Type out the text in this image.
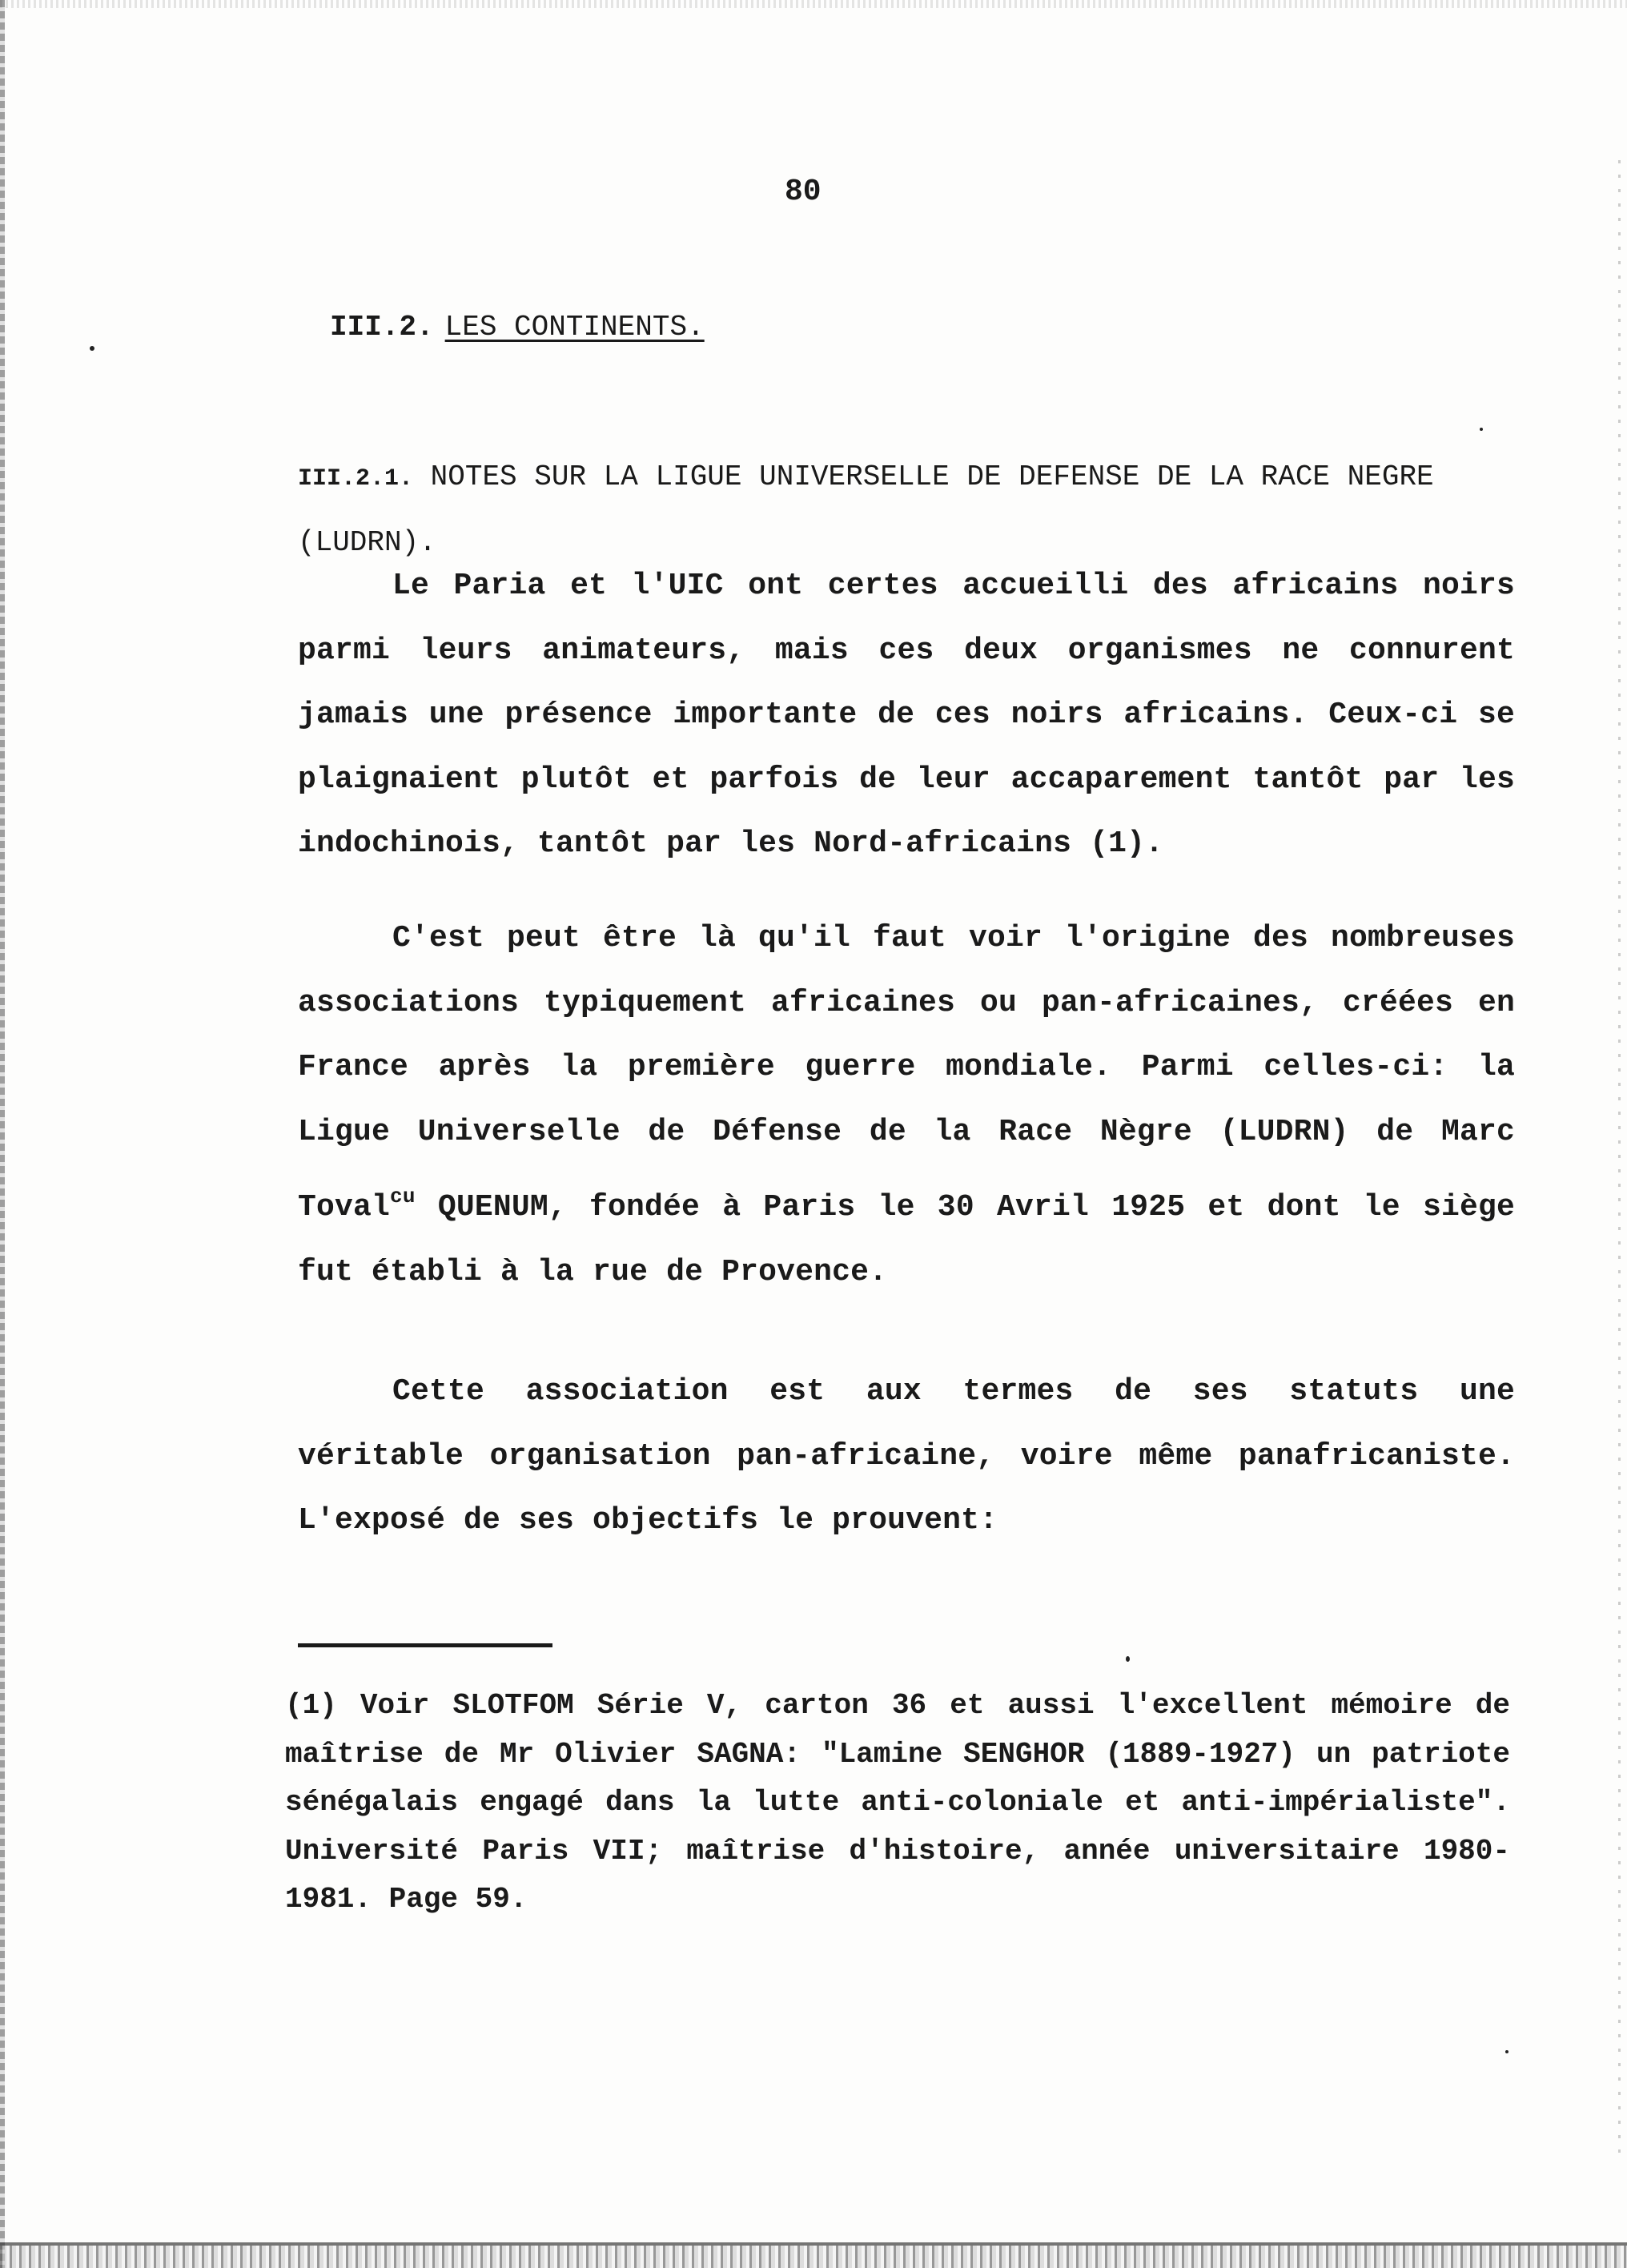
80
III.2. LES CONTINENTS.
III.2.1. NOTES SUR LA LIGUE UNIVERSELLE DE DEFENSE DE LA RACE NEGRE (LUDRN).
Le Paria et l'UIC ont certes accueilli des africains noirs parmi leurs animateurs, mais ces deux organismes ne connurent jamais une présence importante de ces noirs africains. Ceux-ci se plaignaient plutôt et parfois de leur accaparement tantôt par les indochinois, tantôt par les Nord-africains (1).
C'est peut être là qu'il faut voir l'origine des nombreuses associations typiquement africaines ou pan-africaines, créées en France après la première guerre mondiale. Parmi celles-ci: la Ligue Universelle de Défense de la Race Nègre (LUDRN) de Marc Toval$^{cu}$ QUENUM, fondée à Paris le 30 Avril 1925 et dont le siège fut établi à la rue de Provence.
Cette association est aux termes de ses statuts une véritable organisation pan-africaine, voire même panafricaniste. L'exposé de ses objectifs le prouvent:
(1) Voir SLOTFOM Série V, carton 36 et aussi l'excellent mémoire de maîtrise de Mr Olivier SAGNA: "Lamine SENGHOR (1889-1927) un patriote sénégalais engagé dans la lutte anti-coloniale et anti-impérialiste". Université Paris VII; maîtrise d'histoire, année universitaire 1980-1981. Page 59.
